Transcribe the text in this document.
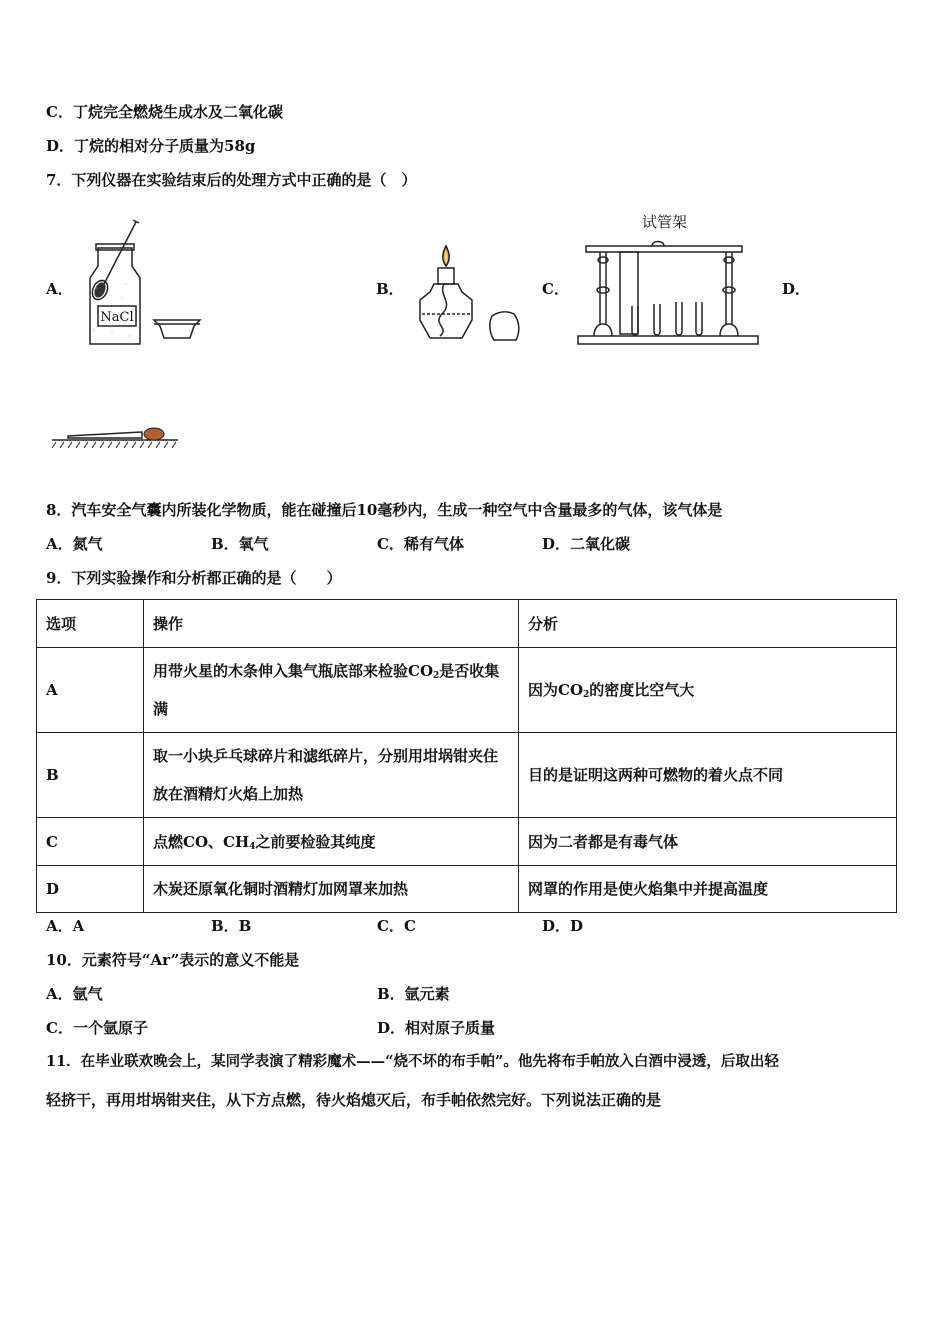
C．丁烷完全燃烧生成水及二氧化碳
D．丁烷的相对分子质量为58g
7．下列仪器在实验结束后的处理方式中正确的是（　）
A．
NaCl
B．	C．
试管架
D．
8．汽车安全气囊内所装化学物质，能在碰撞后10毫秒内，生成一种空气中含量最多的气体，该气体是
A．氮气	B．氧气	C．稀有气体	D．二氧化碳
9．下列实验操作和分析都正确的是（　　）
选项	操作	分析
A	用带火星的木条伸入集气瓶底部来检验$CO_2$是否收集满	因为$CO_2$的密度比空气大
B	取一小块乒乓球碎片和滤纸碎片，分别用坩埚钳夹住放在酒精灯火焰上加热	目的是证明这两种可燃物的着火点不同
C	点燃CO、$CH_4$之前要检验其纯度	因为二者都是有毒气体
D	木炭还原氧化铜时酒精灯加网罩来加热	网罩的作用是使火焰集中并提高温度
A．A	B．B	C．C	D．D
10．元素符号“Ar”表示的意义不能是
A．氩气	B．氩元素
C．一个氩原子	D．相对原子质量
11．在毕业联欢晚会上，某同学表演了精彩魔术——“烧不坏的布手帕”。他先将布手帕放入白酒中浸透，后取出轻
轻挤干，再用坩埚钳夹住，从下方点燃，待火焰熄灭后，布手帕依然完好。下列说法正确的是
